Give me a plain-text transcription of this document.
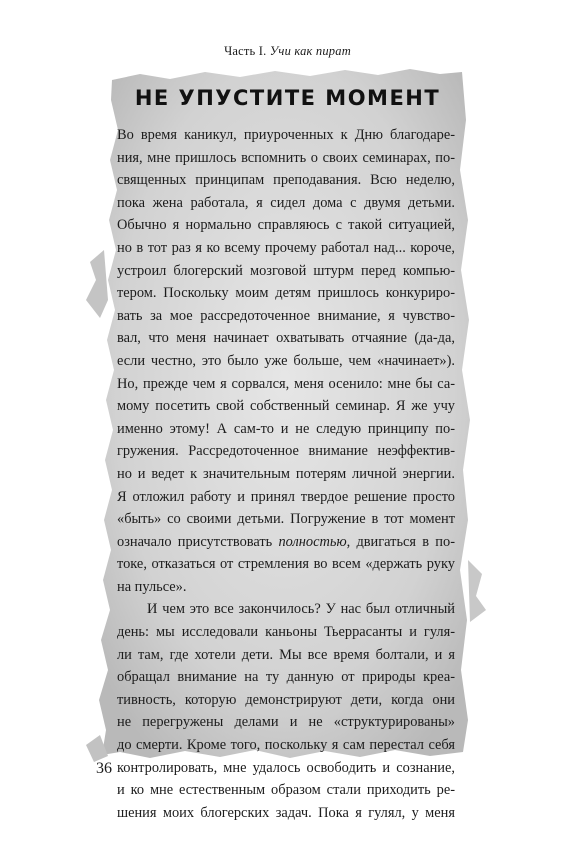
Часть I. Учи как пират
НЕ УПУСТИТЕ МОМЕНТ
Во время каникул, приуроченных к Дню благодаре-
ния, мне пришлось вспомнить о своих семинарах, по-
священных принципам преподавания. Всю неделю,
пока жена работала, я сидел дома с двумя детьми.
Обычно я нормально справляюсь с такой ситуацией,
но в тот раз я ко всему прочему работал над... короче,
устроил блогерский мозговой штурм перед компью-
тером. Поскольку моим детям пришлось конкуриро-
вать за мое рассредоточенное внимание, я чувство-
вал, что меня начинает охватывать отчаяние (да-да,
если честно, это было уже больше, чем «начинает»).
Но, прежде чем я сорвался, меня осенило: мне бы са-
мому посетить свой собственный семинар. Я же учу
именно этому! А сам-то и не следую принципу по-
гружения. Рассредоточенное внимание неэффектив-
но и ведет к значительным потерям личной энергии.
Я отложил работу и принял твердое решение просто
«быть» со своими детьми. Погружение в тот момент
означало присутствовать полностью, двигаться в по-
токе, отказаться от стремления во всем «держать руку
на пульсе».
И чем это все закончилось? У нас был отличный
день: мы исследовали каньоны Тьеррасанты и гуля-
ли там, где хотели дети. Мы все время болтали, и я
обращал внимание на ту данную от природы креа-
тивность, которую демонстрируют дети, когда они
не перегружены делами и не «структурированы»
до смерти. Кроме того, поскольку я сам перестал себя
контролировать, мне удалось освободить и сознание,
и ко мне естественным образом стали приходить ре-
шения моих блогерских задач. Пока я гулял, у меня
36
